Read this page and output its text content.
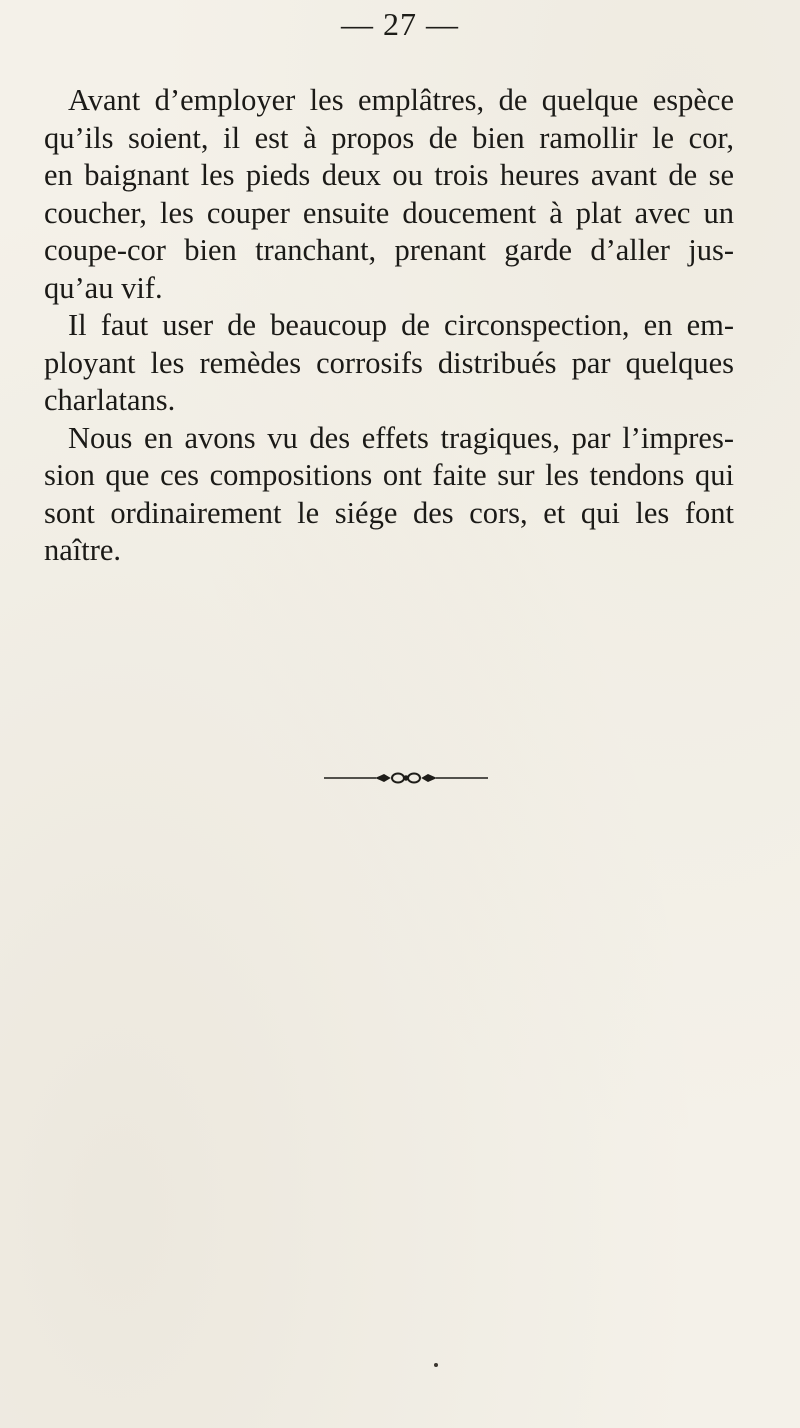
— 27 —
Avant d’employer les emplâtres, de quelque espèce
qu’ils soient, il est à propos de bien ramollir le cor,
en baignant les pieds deux ou trois heures avant de se
coucher, les couper ensuite doucement à plat avec un
coupe-cor bien tranchant, prenant garde d’aller jus-
qu’au vif.
Il faut user de beaucoup de circonspection, en em-
ployant les remèdes corrosifs distribués par quelques
charlatans.
Nous en avons vu des effets tragiques, par l’impres-
sion que ces compositions ont faite sur les tendons qui
sont ordinairement le siége des cors, et qui les font
naître.
